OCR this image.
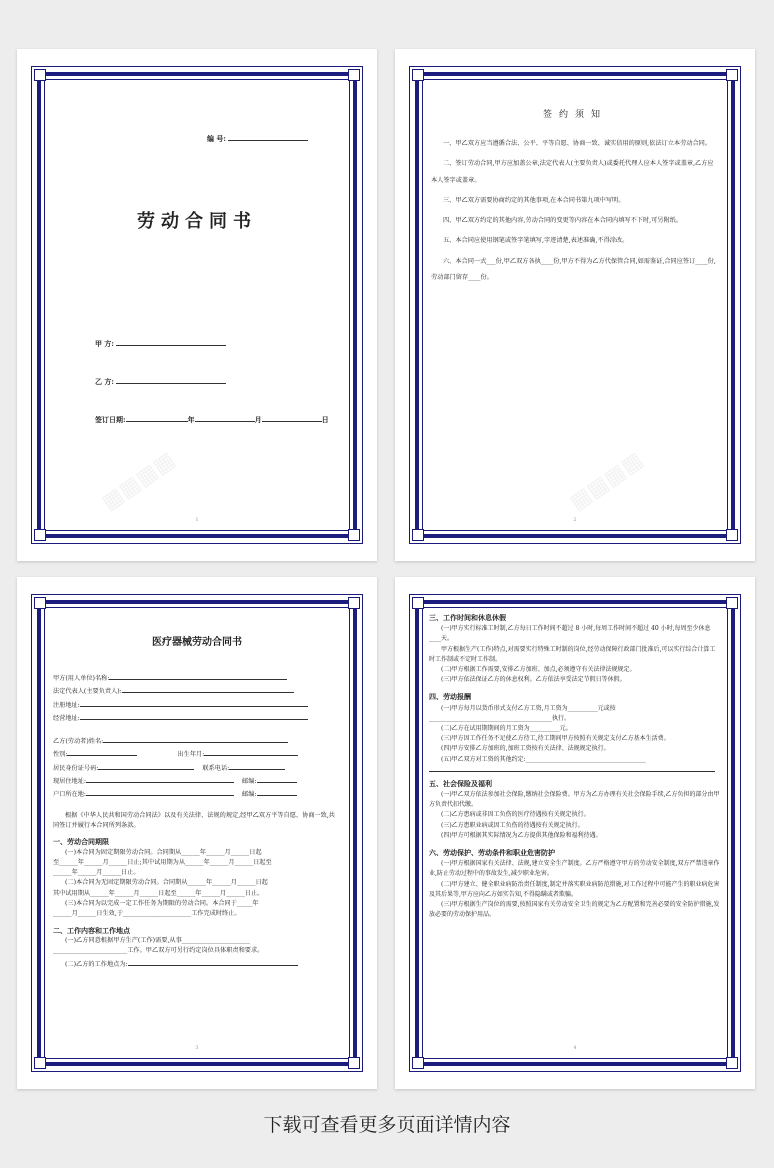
▦▦▦▦
编 号:
劳动合同书
甲 方:
乙 方:
签订日期:	年	月	日
1
▦▦▦▦
签约须知

一、甲乙双方应当遵循合法、公平、平等自愿、协商一致、诚实信用的原则,依法订立本劳动合同。

二、签订劳动合同,甲方应加盖公章,法定代表人(主要负责人)或委托代理人应本人签字或盖章,乙方应本人签字或盖章。

三、甲乙双方需要协商约定的其他事项,在本合同书第九项中写明。

四、甲乙双方约定的其他内容,劳动合同的变更等内容在本合同内填写不下时,可另附纸。

五、本合同应使用钢笔或签字笔填写,字迹清楚,表述准确,不得涂改。

六、本合同一式___份,甲乙双方各执____份,甲方不得为乙方代保管合同,如需鉴证,合同应签订____份,劳动部门留存____份。

2
医疗器械劳动合同书
甲方(用人单位)名称:
法定代表人(主要负责人):
注册地址:
经营地址:
乙方(劳动者)姓名:
性别:	出生年月:
居民身份证号码:	联系电话:
现居住地址:	邮编:
户口所在地:	邮编:
根据《中华人民共和国劳动合同法》以及有关法律、法规的规定,经甲乙双方平等自愿、协商一致,共同签订并履行本合同所列条款。
一、劳动合同期限
(一)本合同为固定期限劳动合同。合同期从______年______月______日起
至______年______月______日止;其中试用期为从______年______月______日起至
______年______月______日止。
(二)本合同为无固定期限劳动合同。合同期从______年______月______日起
其中试用期从______年______月______日起至______年______月______日止。
(三)本合同为以完成一定工作任务为期限的劳动合同。本合同于_____年
______月______日生效,于______________________工作完成时终止。
二、工作内容和工作地点
(一)乙方同意根据甲方生产(工作)需要,从事______________________
________________________工作。甲乙双方可另行约定岗位具体职责和要求。
(二)乙方的工作地点为:
3
三、工作时间和休息休假
(一)甲方实行标准工时制,乙方每日工作时间不超过 8 小时,每周工作时间不超过 40 小时,每周至少休息____天。
甲方根据生产(工作)特点,对需要实行特殊工时制的岗位,经劳动保障行政部门批准后,可以实行综合计算工时工作制或不定时工作制。
(二)甲方根据工作需要,安排乙方加班、加点,必须遵守有关法律法规规定。
(三)甲方依法保证乙方的休息权利。乙方依法享受法定节假日等休假。
四、劳动报酬
(一)甲方每月以货币形式支付乙方工资,月工资为__________元或按_________________________________________执行。
(二)乙方在试用期期间的月工资为__________元。
(三)甲方因工作任务不足使乙方待工,待工期间甲方按照有关规定支付乙方基本生活费。
(四)甲方安排乙方加班的,加班工资按有关法律、法规规定执行。
(五)甲乙双方对工资的其他约定:________________________________________
五、社会保险及福利
(一)甲乙双方依法参加社会保险,缴纳社会保险费。甲方为乙方办理有关社会保险手续,乙方负担的部分由甲方负责代扣代缴。
(二)乙方患病或非因工负伤的医疗待遇按有关规定执行。
(三)乙方患职业病或因工负伤的待遇按有关规定执行。
(四)甲方可根据其实际情况为乙方提供其他保险和福利待遇。
六、劳动保护、劳动条件和职业危害防护
(一)甲方根据国家有关法律、法规,建立安全生产制度。乙方严格遵守甲方的劳动安全制度,双方严禁违章作业,防止劳动过程中的事故发生,减少职业危害。
(二)甲方建立、健全职业病防治责任制度,制定并落实职业病防范措施,对工作过程中可能产生的职业病危害及其后果等,甲方应向乙方如实告知,不得隐瞒或者欺骗。
(三)甲方根据生产岗位的需要,按照国家有关劳动安全卫生的规定为乙方配置和完善必要的安全防护措施,发放必要的劳动保护用品。
4
下载可查看更多页面详情内容
